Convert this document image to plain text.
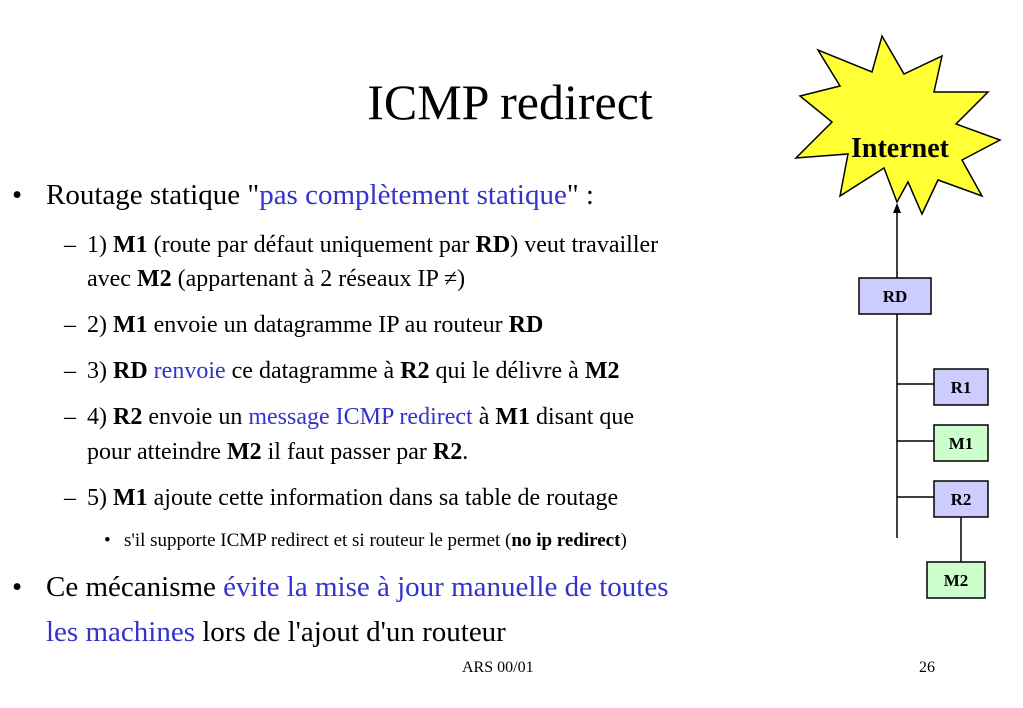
ICMP redirect
• Routage statique "pas complètement statique" :
– 1) M1 (route par défaut uniquement par RD) veut travailler
avec M2 (appartenant à 2 réseaux IP ≠)
– 2) M1 envoie un datagramme IP au routeur RD
– 3) RD renvoie ce datagramme à R2 qui le délivre à M2
– 4) R2 envoie un message ICMP redirect à M1 disant que
pour atteindre M2 il faut passer par R2.
– 5) M1 ajoute cette information dans sa table de routage
• s'il supporte ICMP redirect et si routeur le permet (no ip redirect)
• Ce mécanisme évite la mise à jour manuelle de toutes
les machines lors de l'ajout d'un routeur
Internet
RD
R1
M1
R2
M2
ARS 00/01	26
